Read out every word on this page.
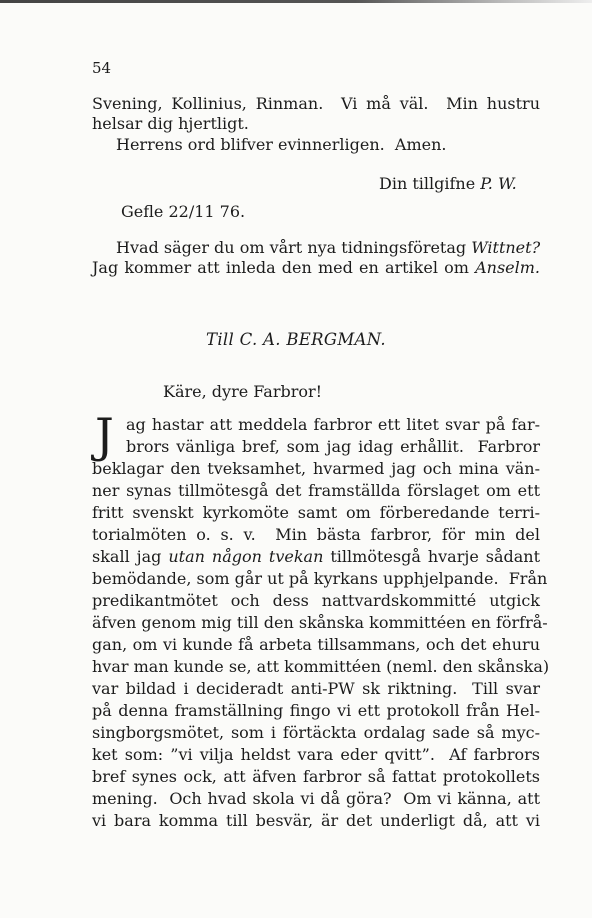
54
Svening, Kollinius, Rinman.  Vi må väl.  Min hustru
helsar dig hjertligt.
Herrens ord blifver evinnerligen.  Amen.
Din tillgifne P. W.
Gefle 22/11 76.
Hvad säger du om vårt nya tidningsföretag Wittnet?
Jag kommer att inleda den med en artikel om Anselm.
Till C. A. BERGMAN.
Käre, dyre Farbror!
J ag hastar att meddela farbror ett litet svar på far-
brors vänliga bref, som jag idag erhållit.  Farbror
beklagar den tveksamhet, hvarmed jag och mina vän-
ner synas tillmötesgå det framställda förslaget om ett
fritt svenskt kyrkomöte samt om förberedande terri-
torialmöten o. s. v.  Min bästa farbror, för min del
skall jag utan någon tvekan tillmötesgå hvarje sådant
bemödande, som går ut på kyrkans upphjelpande.  Från
predikantmötet och dess nattvardskommitté utgick
äfven genom mig till den skånska kommittéen en förfrå-
gan, om vi kunde få arbeta tillsammans, och det ehuru
hvar man kunde se, att kommittéen (neml. den skånska)
var bildad i decideradt anti-PW sk riktning.  Till svar
på denna framställning fingo vi ett protokoll från Hel-
singborgsmötet, som i förtäckta ordalag sade så myc-
ket som: ”vi vilja heldst vara eder qvitt”.  Af farbrors
bref synes ock, att äfven farbror så fattat protokollets
mening.  Och hvad skola vi då göra?  Om vi känna, att
vi bara komma till besvär, är det underligt då, att vi
